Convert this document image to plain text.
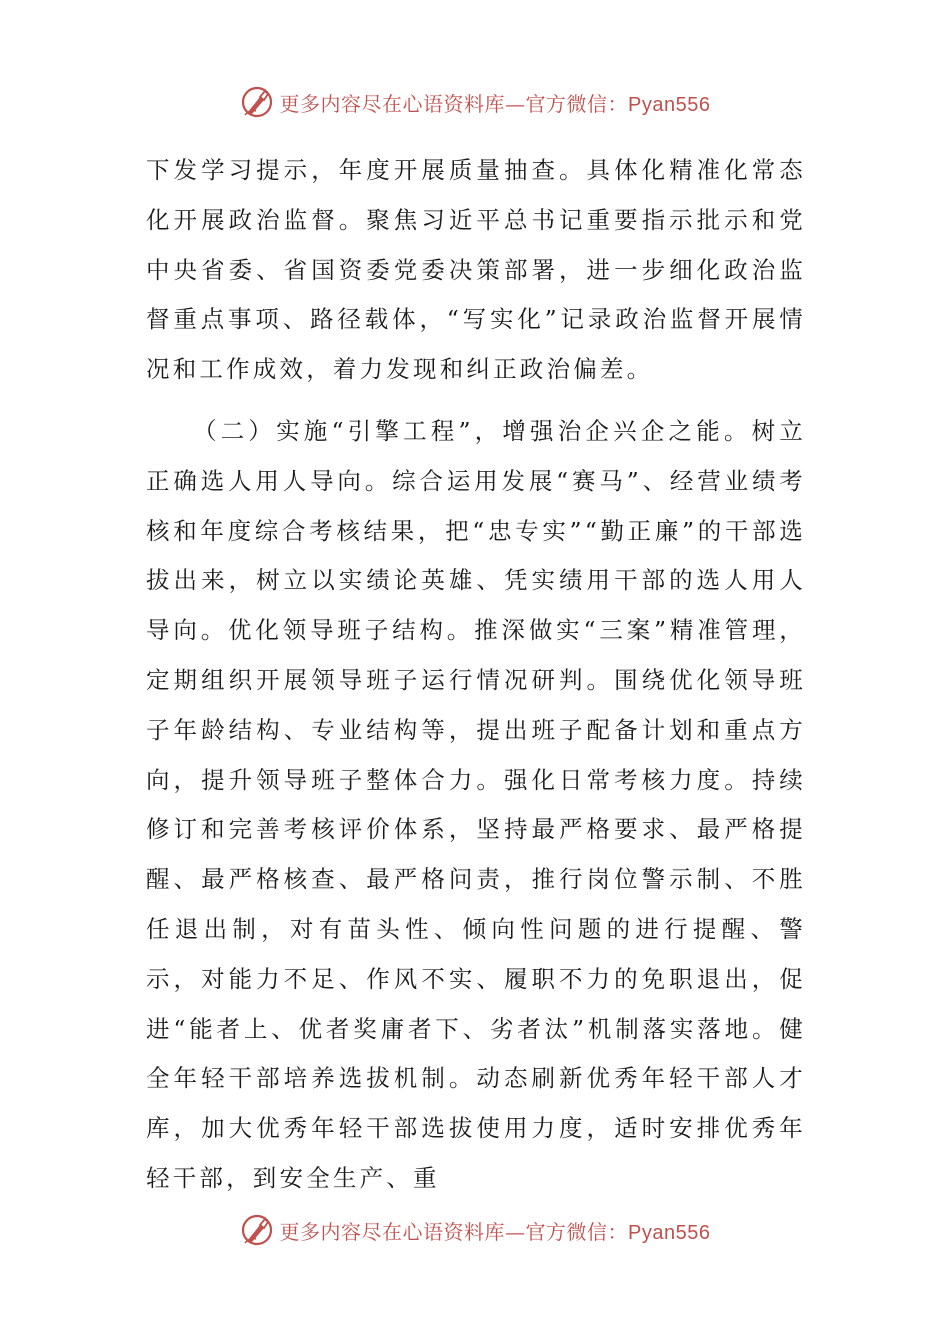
更多内容尽在心语资料库—官方微信：Pyan556

下发学习提示，年度开展质量抽查。具体化精准化常态化开展政治监督。聚焦习近平总书记重要指示批示和党中央省委、省国资委党委决策部署，进一步细化政治监督重点事项、路径载体，“写实化”记录政治监督开展情况和工作成效，着力发现和纠正政治偏差。

（二）实施“引擎工程”，增强治企兴企之能。树立正确选人用人导向。综合运用发展“赛马”、经营业绩考核和年度综合考核结果，把“忠专实”“勤正廉”的干部选拔出来，树立以实绩论英雄、凭实绩用干部的选人用人导向。优化领导班子结构。推深做实“三案”精准管理，定期组织开展领导班子运行情况研判。围绕优化领导班子年龄结构、专业结构等，提出班子配备计划和重点方向，提升领导班子整体合力。强化日常考核力度。持续修订和完善考核评价体系，坚持最严格要求、最严格提醒、最严格核查、最严格问责，推行岗位警示制、不胜任退出制，对有苗头性、倾向性问题的进行提醒、警示，对能力不足、作风不实、履职不力的免职退出，促进“能者上、优者奖庸者下、劣者汰”机制落实落地。健全年轻干部培养选拔机制。动态刷新优秀年轻干部人才库，加大优秀年轻干部选拔使用力度，适时安排优秀年轻干部，到安全生产、重

更多内容尽在心语资料库—官方微信：Pyan556
